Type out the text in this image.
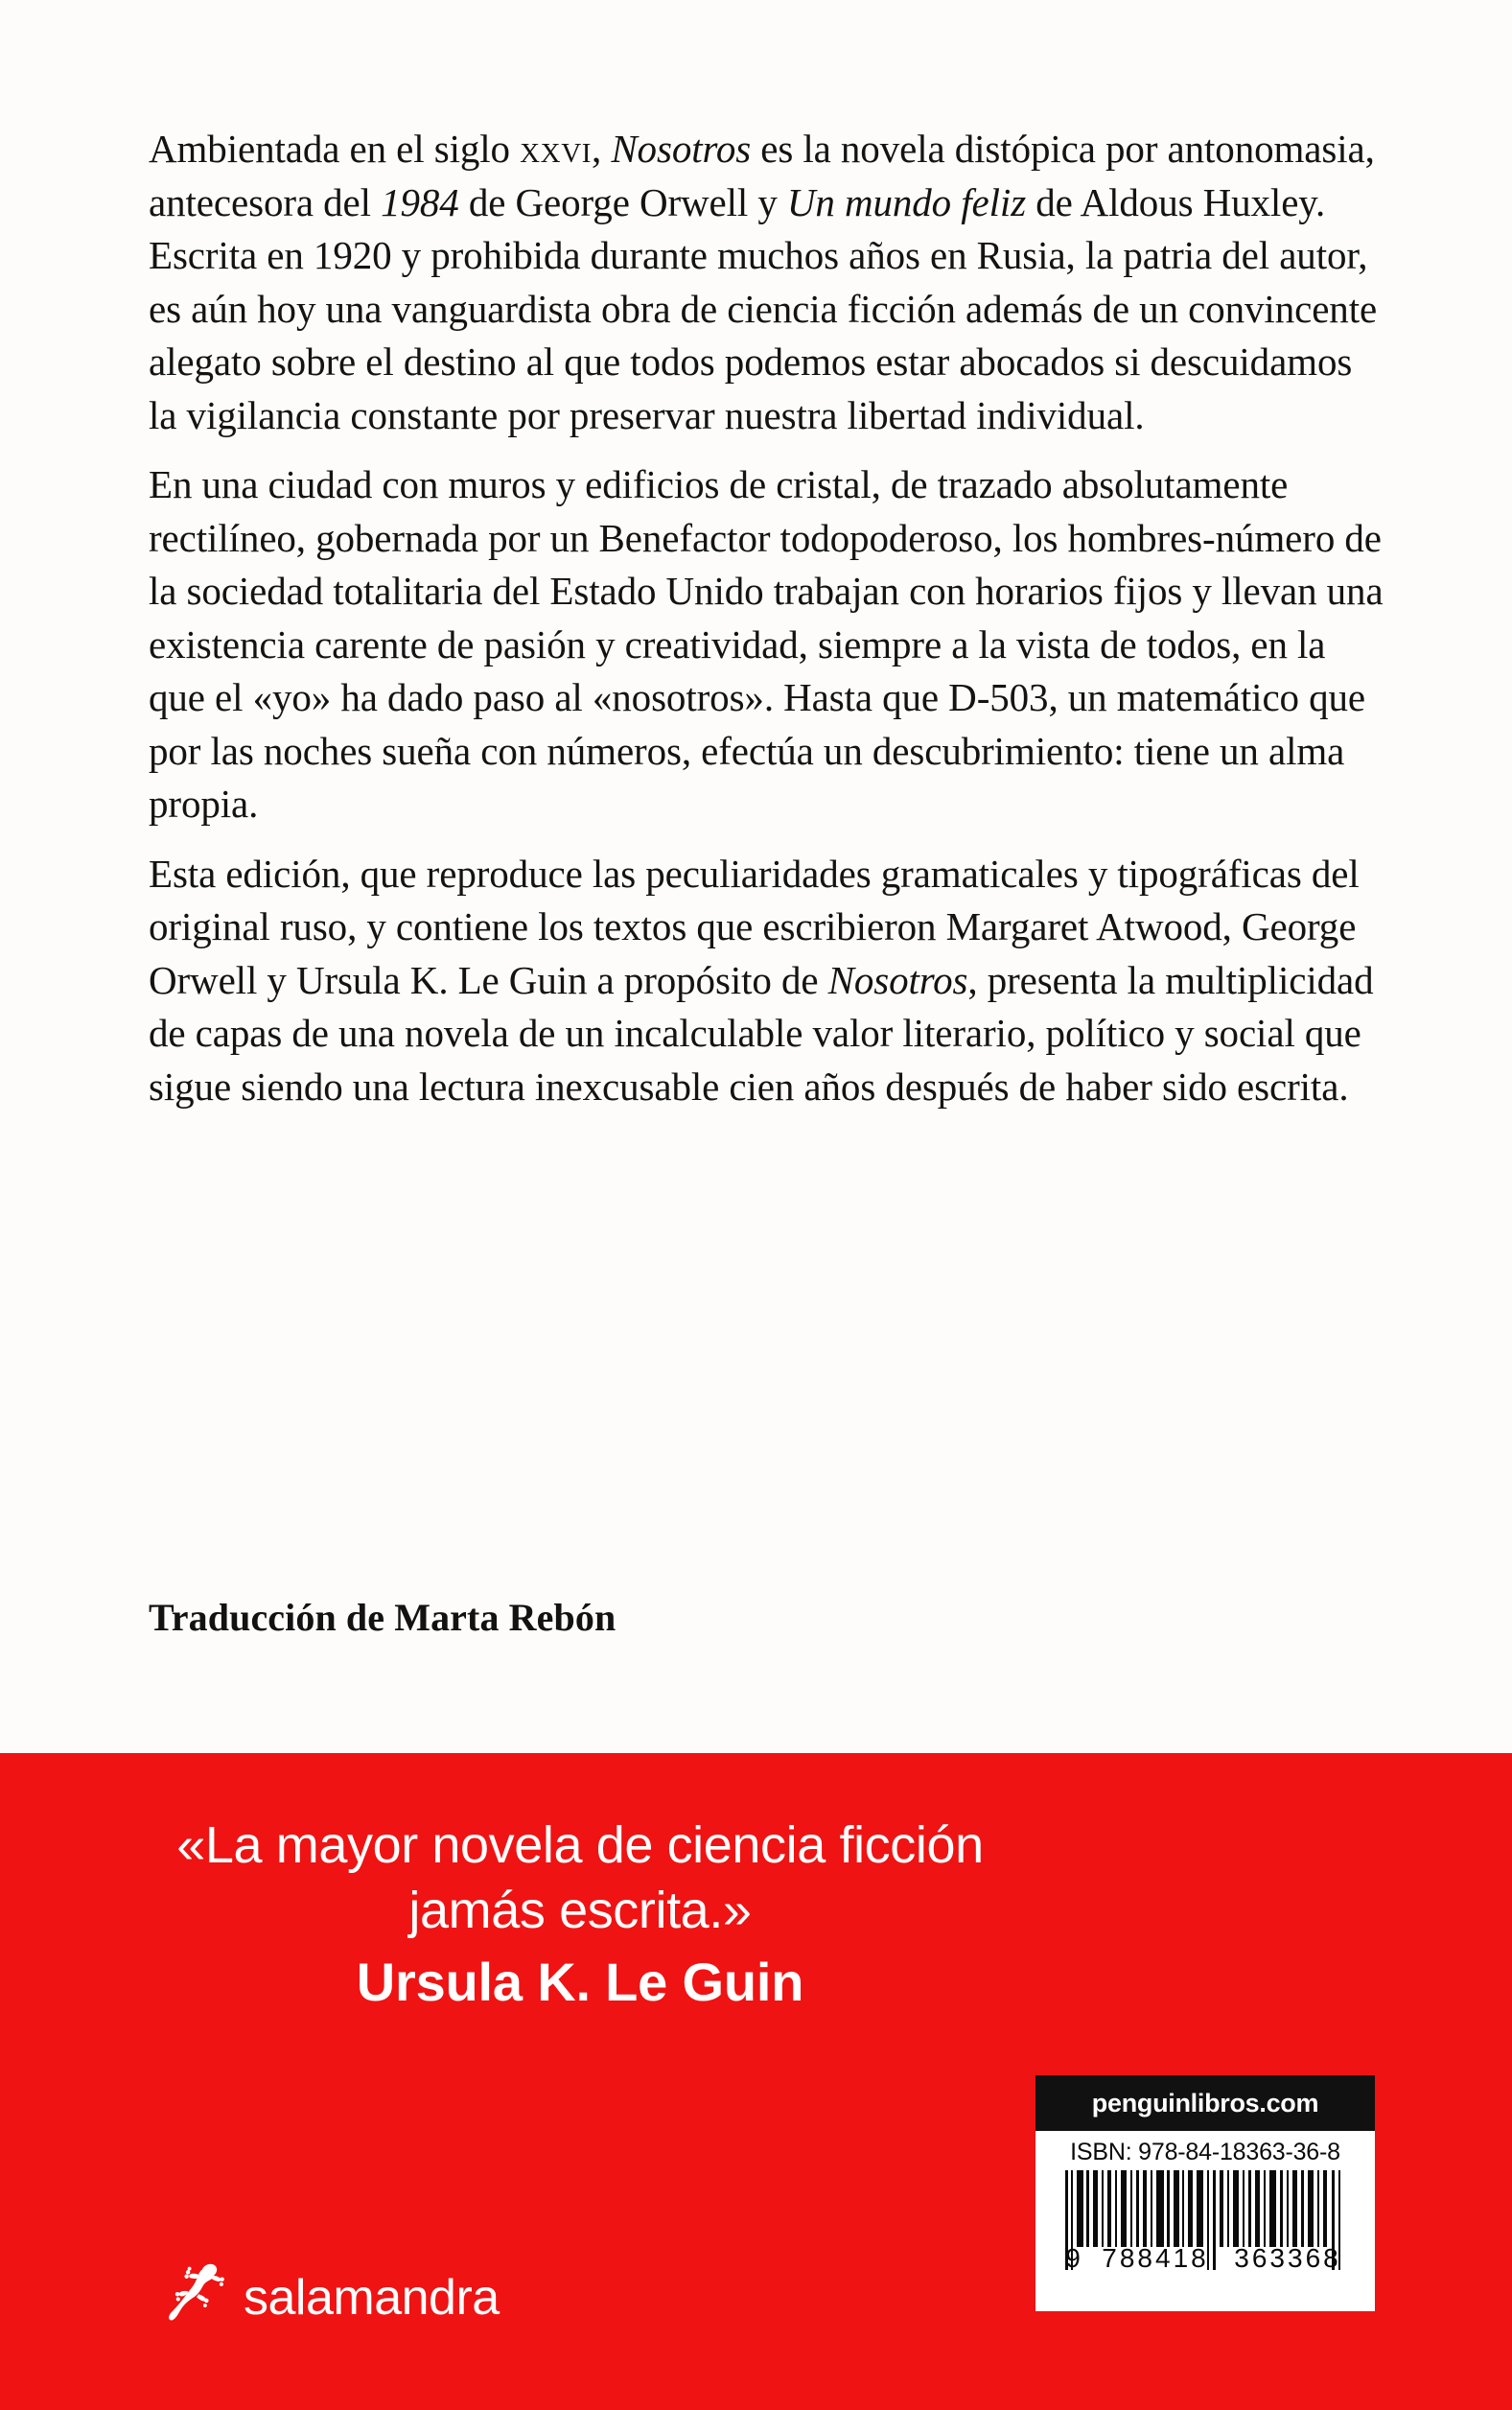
Ambientada en el siglo xxvi, Nosotros es la novela distópica por antonomasia, antecesora del 1984 de George Orwell y Un mundo feliz de Aldous Huxley. Escrita en 1920 y prohibida durante muchos años en Rusia, la patria del autor, es aún hoy una vanguardista obra de ciencia ficción además de un convincente alegato sobre el destino al que todos podemos estar abocados si descuidamos la vigilancia constante por preservar nuestra libertad individual.

En una ciudad con muros y edificios de cristal, de trazado absolutamente rectilíneo, gobernada por un Benefactor todopoderoso, los hombres-número de la sociedad totalitaria del Estado Unido trabajan con horarios fijos y llevan una existencia carente de pasión y creatividad, siempre a la vista de todos, en la que el «yo» ha dado paso al «nosotros». Hasta que D-503, un matemático que por las noches sueña con números, efectúa un descubrimiento: tiene un alma propia.

Esta edición, que reproduce las peculiaridades gramaticales y tipográficas del original ruso, y contiene los textos que escribieron Margaret Atwood, George Orwell y Ursula K. Le Guin a propósito de Nosotros, presenta la multiplicidad de capas de una novela de un incalculable valor literario, político y social que sigue siendo una lectura inexcusable cien años después de haber sido escrita.

Traducción de Marta Rebón
«La mayor novela de ciencia ficción
jamás escrita.»
Ursula K. Le Guin
salamandra
penguinlibros.com
ISBN: 978-84-18363-36-8
9 788418 363368
